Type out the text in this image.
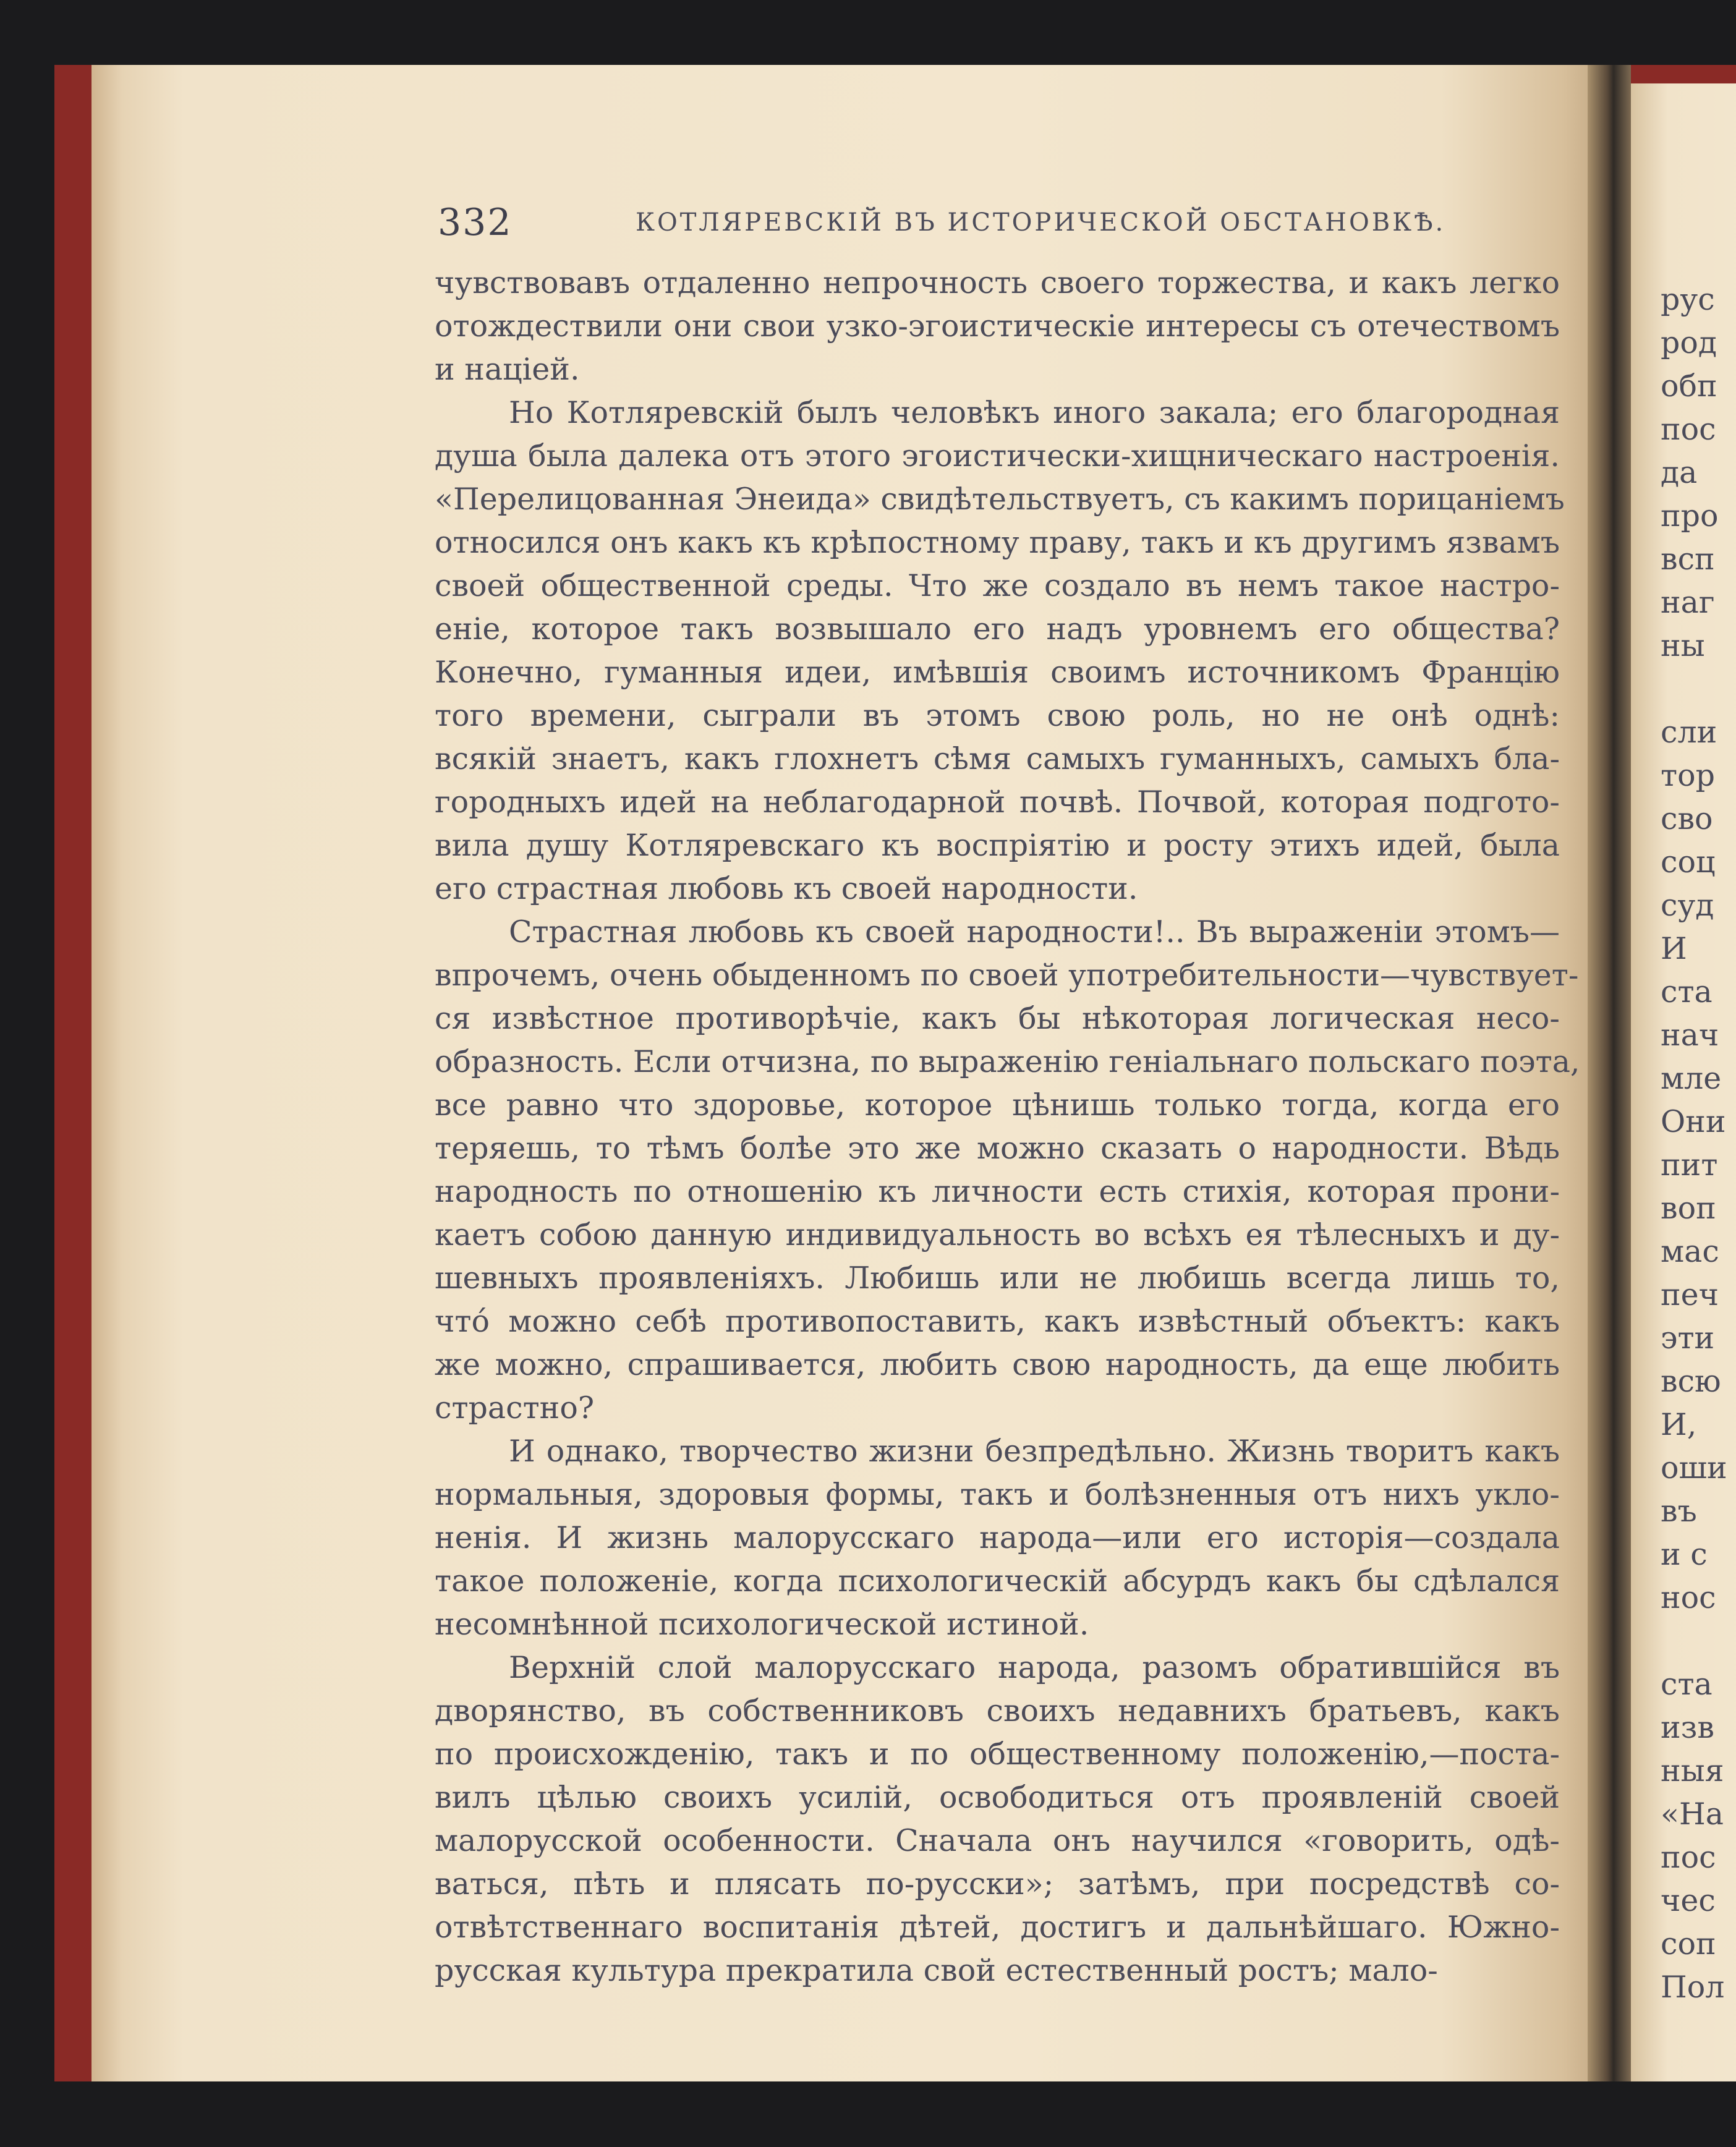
332	КОТЛЯРЕВСКІЙ ВЪ ИСТОРИЧЕСКОЙ ОБСТАНОВКѢ.
чувствовавъ отдаленно непрочность своего торжества, и какъ легко
отождествили они свои узко-эгоистическіе интересы съ отечествомъ
и націей.
Но Котляревскій былъ человѣкъ иного закала; его благородная
душа была далека отъ этого эгоистически-хищническаго настроенія.
«Перелицованная Энеида» свидѣтельствуетъ, съ какимъ порицаніемъ
относился онъ какъ къ крѣпостному праву, такъ и къ другимъ язвамъ
своей общественной среды. Что же создало въ немъ такое настро-
еніе, которое такъ возвышало его надъ уровнемъ его общества?
Конечно, гуманныя идеи, имѣвшія своимъ источникомъ Францію
того времени, сыграли въ этомъ свою роль, но не онѣ однѣ:
всякій знаетъ, какъ глохнетъ сѣмя самыхъ гуманныхъ, самыхъ бла-
городныхъ идей на неблагодарной почвѣ. Почвой, которая подгото-
вила душу Котляревскаго къ воспріятію и росту этихъ идей, была
его страстная любовь къ своей народности.
Страстная любовь къ своей народности!.. Въ выраженіи этомъ—
впрочемъ, очень обыденномъ по своей употребительности—чувствует-
ся извѣстное противорѣчіе, какъ бы нѣкоторая логическая несо-
образность. Если отчизна, по выраженію геніальнаго польскаго поэта,
все равно что здоровье, которое цѣнишь только тогда, когда его
теряешь, то тѣмъ болѣе это же можно сказать о народности. Вѣдь
народность по отношенію къ личности есть стихія, которая прони-
каетъ собою данную индивидуальность во всѣхъ ея тѣлесныхъ и ду-
шевныхъ проявленіяхъ. Любишь или не любишь всегда лишь то,
что́ можно себѣ противопоставить, какъ извѣстный объектъ: какъ
же можно, спрашивается, любить свою народность, да еще любить
страстно?
И однако, творчество жизни безпредѣльно. Жизнь творитъ какъ
нормальныя, здоровыя формы, такъ и болѣзненныя отъ нихъ укло-
ненія. И жизнь малорусскаго народа—или его исторія—создала
такое положеніе, когда психологическій абсурдъ какъ бы сдѣлался
несомнѣнной психологической истиной.
Верхній слой малорусскаго народа, разомъ обратившійся въ
дворянство, въ собственниковъ своихъ недавнихъ братьевъ, какъ
по происхожденію, такъ и по общественному положенію,—поста-
вилъ цѣлью своихъ усилій, освободиться отъ проявленій своей
малорусской особенности. Сначала онъ научился «говорить, одѣ-
ваться, пѣть и плясать по-русски»; затѣмъ, при посредствѣ со-
отвѣтственнаго воспитанія дѣтей, достигъ и дальнѣйшаго. Южно-
русская культура прекратила свой естественный ростъ; мало-
рус
род
обп
пос
да
про
всп
наг
ны
сли
тор
сво
соц
суд
И
ста
нач
мле
Они
пит
воп
мас
печ
эти
всю
И,
оши
въ
и с
нос
ста
изв
ныя
«На
пос
чес
соп
Пол
